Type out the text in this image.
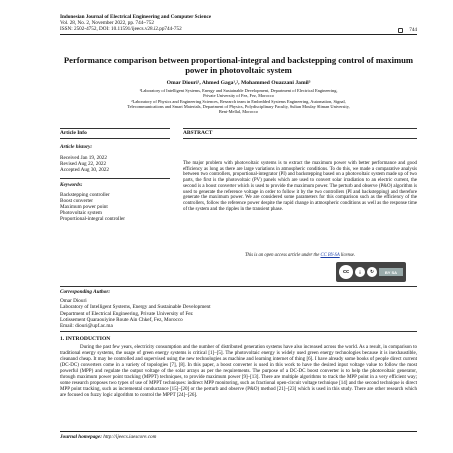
Indonesian Journal of Electrical Engineering and Computer Science
Vol. 28, No. 2, November 2022, pp. 744~752
ISSN: 2502-4752, DOI: 10.11591/ijeecs.v28.i2.pp744-752	744
Performance comparison between proportional-integral and backstepping control of maximum power in photovoltaic system
Omar Diouri¹, Ahmed Gaga¹,², Mohammed Ouazzani Jamil³
¹Laboratory of Intelligent Systems, Energy and Sustainable Development, Department of Electrical Engineering,
Private University of Fez, Fez, Morocco
²Laboratory of Physics and Engineering Sciences, Research team in Embedded Systems Engineering, Automation, Signal,
Telecommunications and Smart Materials, Department of Physics, Polydisciplinary Faculty, Sultan Moulay Sliman University,
Beni-Mellal, Morocco
Article Info	ABSTRACT
Article history:
Received Jan 19, 2022
Revised Aug 22, 2022
Accepted Aug 30, 2022
Keywords:
Backstepping controller
Boost converter
Maximum power point
Photovoltaic system
Proportional-integral controller
The major problem with photovoltaic systems is to extract the maximum power with better performance and good efficiency as long as there are large variations in atmospheric conditions. To do this, we made a comparative analysis between two controllers, proportional-integrator (PI) and backstepping based on a photovoltaic system made up of two parts, the first is the photovoltaic (PV) panels which are used to convert solar irradiation to an electric current, the second is a boost converter which is used to provide the maximum power. The perturb and observe (P&O) algorithm is used to generate the reference voltage in order to follow it by the two controllers (PI and backstepping) and therefore generate the maximum power. We are considered some parameters for this comparison such as the efficiency of the controllers, follow the reference power despite the rapid change in atmospheric conditions as well as the response time of the system and the ripples in the transient phase.
This is an open access article under the CC BY-SA license.
cc	i	↻	BY SA
Corresponding Author:
Omar Diouri
Laboratory of Intelligent Systems, Energy and Sustainable Development
Department of Electrical Engineering, Private University of Fez
Lotissement Quaraouiyine Route Ain Chkef, Fez, Morocco
Email: diouri@upf.ac.ma
1. INTRODUCTION

During the past few years, electricity consumption and the number of distributed generation systems have also increased across the world. As a result, in comparison to traditional energy systems, the usage of green energy systems is critical [1]–[5]. The photovoltaic energy is widely used green energy technologies because it is inexhaustible, cleanand cheap. It may be controlled and supervised using the new technologies as machine and learning internet of thing [6]. I have already some books of people direct current (DC-DC) converters come in a variety of topologies [7], [8]. In this paper, a boost converter is used in this work to have the desired input voltage value to follow the most powerful (MPP) and regulate the output voltage of the solar arrays as per the requirements. The purpose of a DC-DC boost converter is to help the photovoltaic generator, through maximum power point tracking (MPPT) techniques, to provide maximum power [9]–[13]. There are multiple algorithms to track the MPP point in a very efficient way; some research proposes two types of use of MPPT techniques: indirect MPP monitoring, such as fractional open-circuit voltage technique [14] and the second technique is direct MPP point tracking, such as incremental conductance [15]–[20] or the perturb and observe (P&O) method [21]–[23] which is used in this study. There are other research which are focused on fuzzy logic algorithm to control the MPPT [24]–[26].

Journal homepage: http://ijeecs.iaescore.com
